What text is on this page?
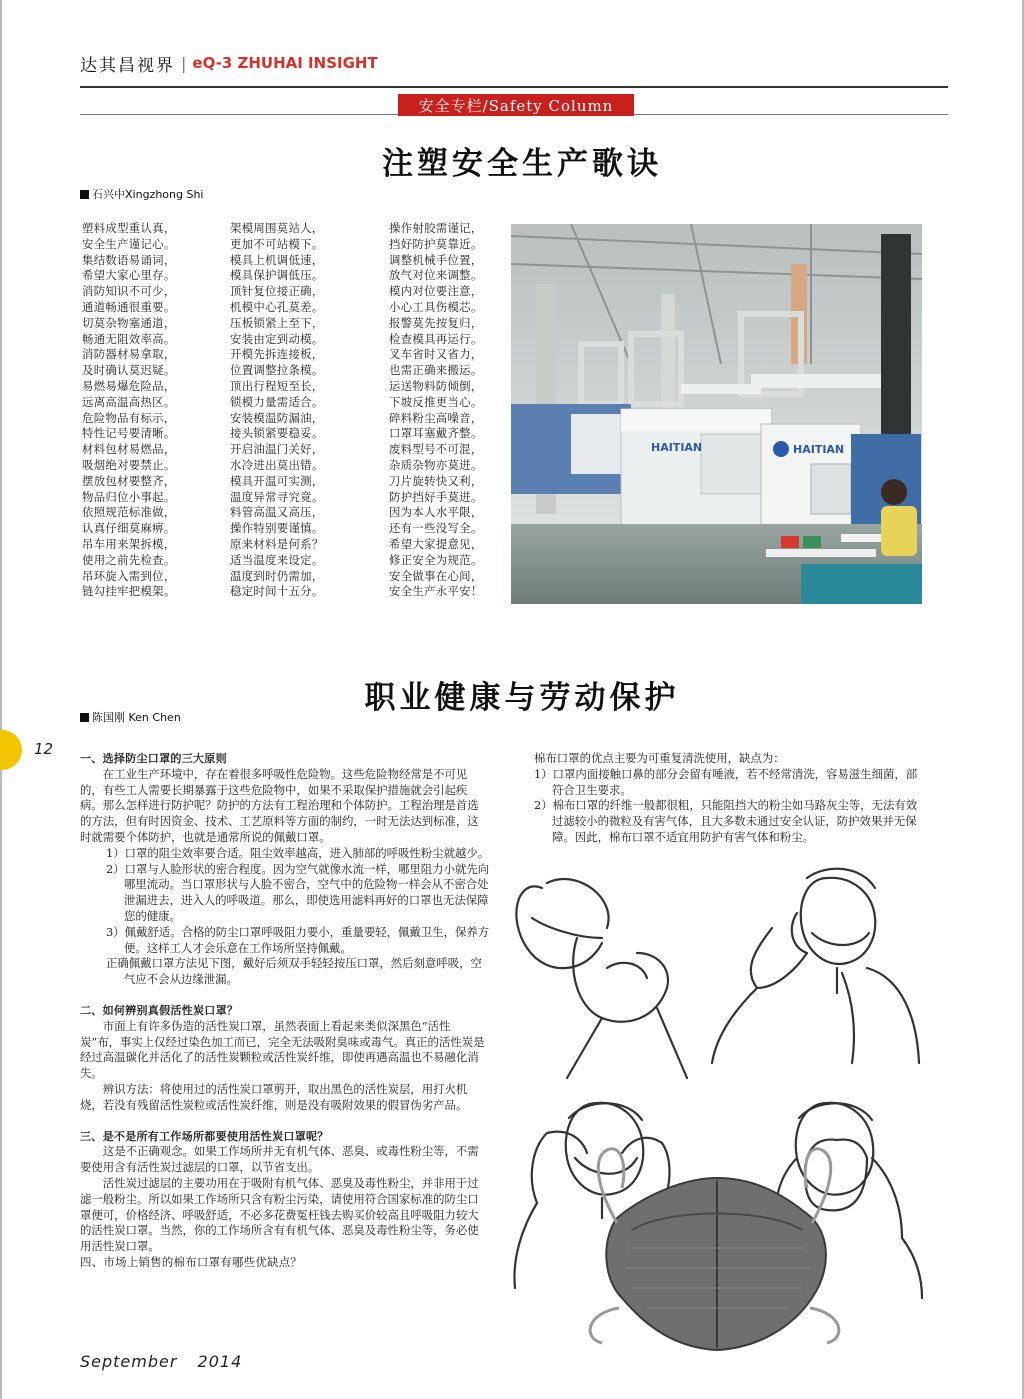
达其昌视界 | eQ-3 ZHUHAI INSIGHT
安全专栏/Safety Column
注塑安全生产歌诀
石兴中Xingzhong Shi
塑料成型重认真，
安全生产谨记心。
集结数语易诵词，
希望大家心里存。
消防知识不可少，
通道畅通很重要。
切莫杂物塞通道，
畅通无阻效率高。
消防器材易拿取，
及时确认莫迟疑。
易燃易爆危险品，
远离高温高热区。
危险物品有标示，
特性记号要清晰。
材料包材易燃品，
吸烟绝对要禁止。
摆放包材要整齐，
物品归位小事起。
依照规范标准做，
认真仔细莫麻痹。
吊车用来架拆模，
使用之前先检查。
吊环旋入需到位，
链勾挂牢把模架。
架模周围莫站人，
更加不可站模下。
模具上机调低速，
模具保护调低压。
顶针复位接正确，
机模中心孔莫差。
压板锁紧上至下，
安装由定到动模。
开模先拆连接板，
位置调整拉条模。
顶出行程短至长，
锁模力量需适合。
安装模温防漏油，
接头锁紧要稳妥。
开启油温门关好，
水冷进出莫出错。
模具开温可实测，
温度异常寻究竟。
料管高温又高压，
操作特别要谨慎。
原来材料是何系？
适当温度来设定。
温度到时仍需加，
稳定时间十五分。
操作射胶需谨记，
挡好防护莫靠近。
调整机械手位置，
放气对位来调整。
模内对位要注意，
小心工具伤模芯。
报警莫先按复归，
检查模具再运行。
叉车省时又省力，
也需正确来搬运。
运送物料防倾倒，
下坡反推更当心。
碎料粉尘高噪音，
口罩耳塞戴齐整。
废料型号不可混，
杂质杂物亦莫进。
刀片旋转快又利，
防护挡好手莫进。
因为本人水平限，
还有一些没写全。
希望大家提意见，
修正安全为规范。
安全做事在心间，
安全生产永平安！
HAITIAN	HAITIAN
职业健康与劳动保护
陈国刚 Ken Chen
12

一、选择防尘口罩的三大原则

在工业生产环境中，存在着很多呼吸性危险物。这些危险物经常是不可见的，有些工人需要长期暴露于这些危险物中，如果不采取保护措施就会引起疾病。那么怎样进行防护呢？防护的方法有工程治理和个体防护。工程治理是首选的方法，但有时因资金、技术、工艺原料等方面的制约，一时无法达到标准，这时就需要个体防护，也就是通常所说的佩戴口罩。

1）口罩的阻尘效率要合适。阻尘效率越高，进入肺部的呼吸性粉尘就越少。

2）口罩与人脸形状的密合程度。因为空气就像水流一样，哪里阻力小就先向哪里流动。当口罩形状与人脸不密合，空气中的危险物一样会从不密合处泄漏进去，进入人的呼吸道。那么，即使选用滤料再好的口罩也无法保障您的健康。

3）佩戴舒适。合格的防尘口罩呼吸阻力要小，重量要轻，佩戴卫生，保养方便。这样工人才会乐意在工作场所坚持佩戴。

正确佩戴口罩方法见下图，戴好后须双手轻轻按压口罩，然后刻意呼吸，空气应不会从边缘泄漏。

二、如何辨别真假活性炭口罩？

市面上有许多伪造的活性炭口罩，虽然表面上看起来类似深黑色“活性炭”布，事实上仅经过染色加工而已，完全无法吸附臭味或毒气。真正的活性炭是经过高温碳化并活化了的活性炭颗粒或活性炭纤维，即使再遇高温也不易融化消失。

辨识方法：将使用过的活性炭口罩剪开，取出黑色的活性炭层，用打火机烧，若没有残留活性炭粒或活性炭纤维，则是没有吸附效果的假冒伪劣产品。

三、是不是所有工作场所都要使用活性炭口罩呢？

这是不正确观念。如果工作场所并无有机气体、恶臭、或毒性粉尘等，不需要使用含有活性炭过滤层的口罩，以节省支出。

活性炭过滤层的主要功用在于吸附有机气体、恶臭及毒性粉尘，并非用于过滤一般粉尘。所以如果工作场所只含有粉尘污染，请使用符合国家标准的防尘口罩便可，价格经济、呼吸舒适，不必多花费冤枉钱去购买价较高且呼吸阻力较大的活性炭口罩。当然，你的工作场所含有有机气体、恶臭及毒性粉尘等，务必使用活性炭口罩。

四、市场上销售的棉布口罩有哪些优缺点？

棉布口罩的优点主要为可重复清洗使用，缺点为：

1）口罩内面接触口鼻的部分会留有唾液，若不经常清洗，容易滋生细菌，部符合卫生要求。

2）棉布口罩的纤维一般都很粗，只能阻挡大的粉尘如马路灰尘等，无法有效过滤较小的微粒及有害气体，且大多数未通过安全认证，防护效果并无保障。因此，棉布口罩不适宜用防护有害气体和粉尘。

September 2014
